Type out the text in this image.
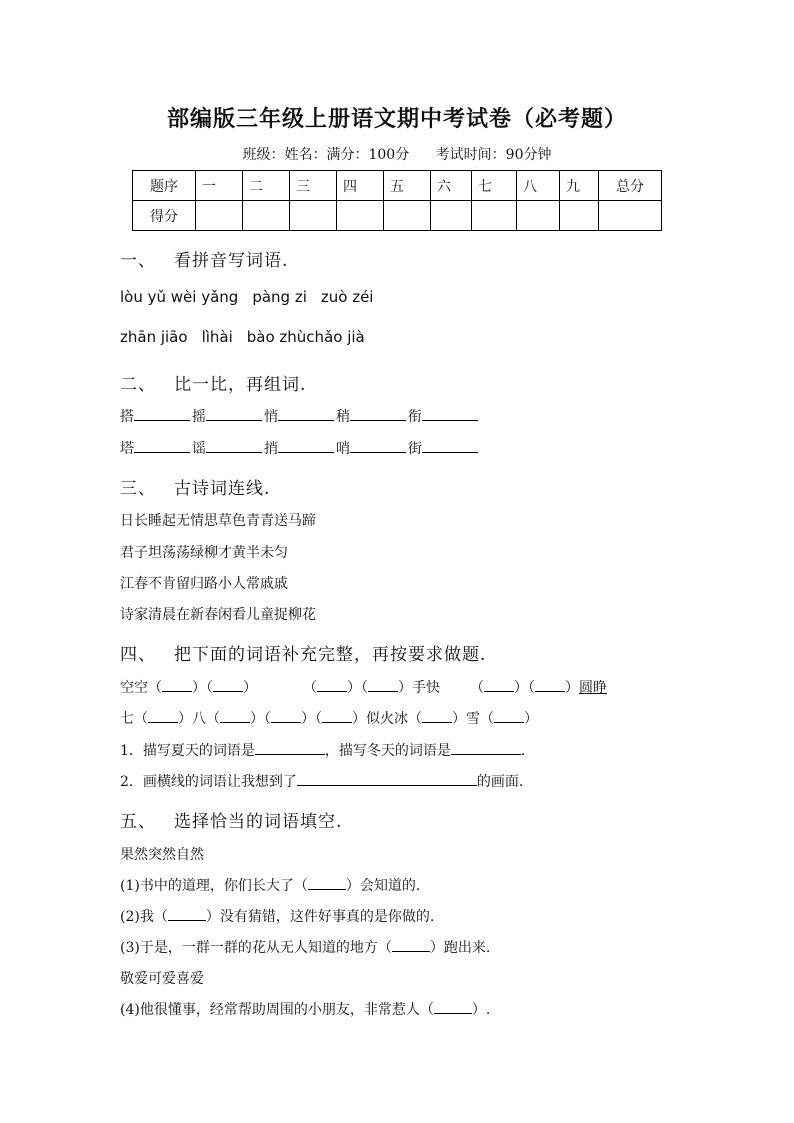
部编版三年级上册语文期中考试卷（必考题）
班级：姓名：满分：100分 考试时间：90分钟
题序	一	二	三	四	五	六	七	八	九	总分
得分										
一、 看拼音写词语.
lòu yǔ wèi yǎng pàng zi zuò zéi
zhān jiāo lìhài bào zhùchǎo jià
二、 比一比，再组词.
搭	摇	悄	稍	衔
塔	谣	捎	哨	街
三、 古诗词连线.
日长睡起无情思草色青青送马蹄
君子坦荡荡绿柳才黄半未匀
江春不肯留归路小人常戚戚
诗家清晨在新春闲看儿童捉柳花
四、 把下面的词语补充完整，再按要求做题.
空空（ ）（ ）	（ ）（ ）手快 （ ）（ ）圆睁
七（ ）八（ ）（ ）（ ）似火冰（ ）雪（ ）
1．描写夏天的词语是	，描写冬天的词语是	.
2．画横线的词语让我想到了	的画面.
五、 选择恰当的词语填空.
果然突然自然
(1)书中的道理，你们长大了（	）会知道的.
(2)我（	）没有猜错，这件好事真的是你做的.
(3)于是，一群一群的花从无人知道的地方（	）跑出来.
敬爱可爱喜爱
(4)他很懂事，经常帮助周围的小朋友，非常惹人（	）.
